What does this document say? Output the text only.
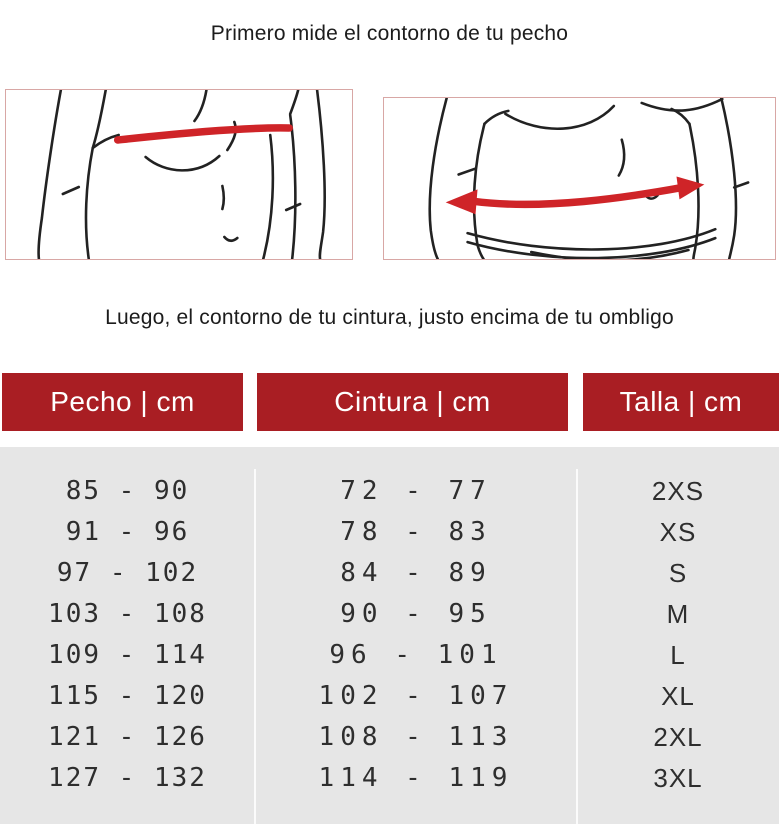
Primero mide el contorno de tu pecho
Luego, el contorno de tu cintura, justo encima de tu ombligo
Pecho | cm	Cintura | cm	Talla | cm
85 - 90	72 - 77	2XS
91 - 96	78 - 83	XS
97 - 102	84 - 89	S
103 - 108	90 - 95	M
109 - 114	96 - 101	L
115 - 120	102 - 107	XL
121 - 126	108 - 113	2XL
127 - 132	114 - 119	3XL
